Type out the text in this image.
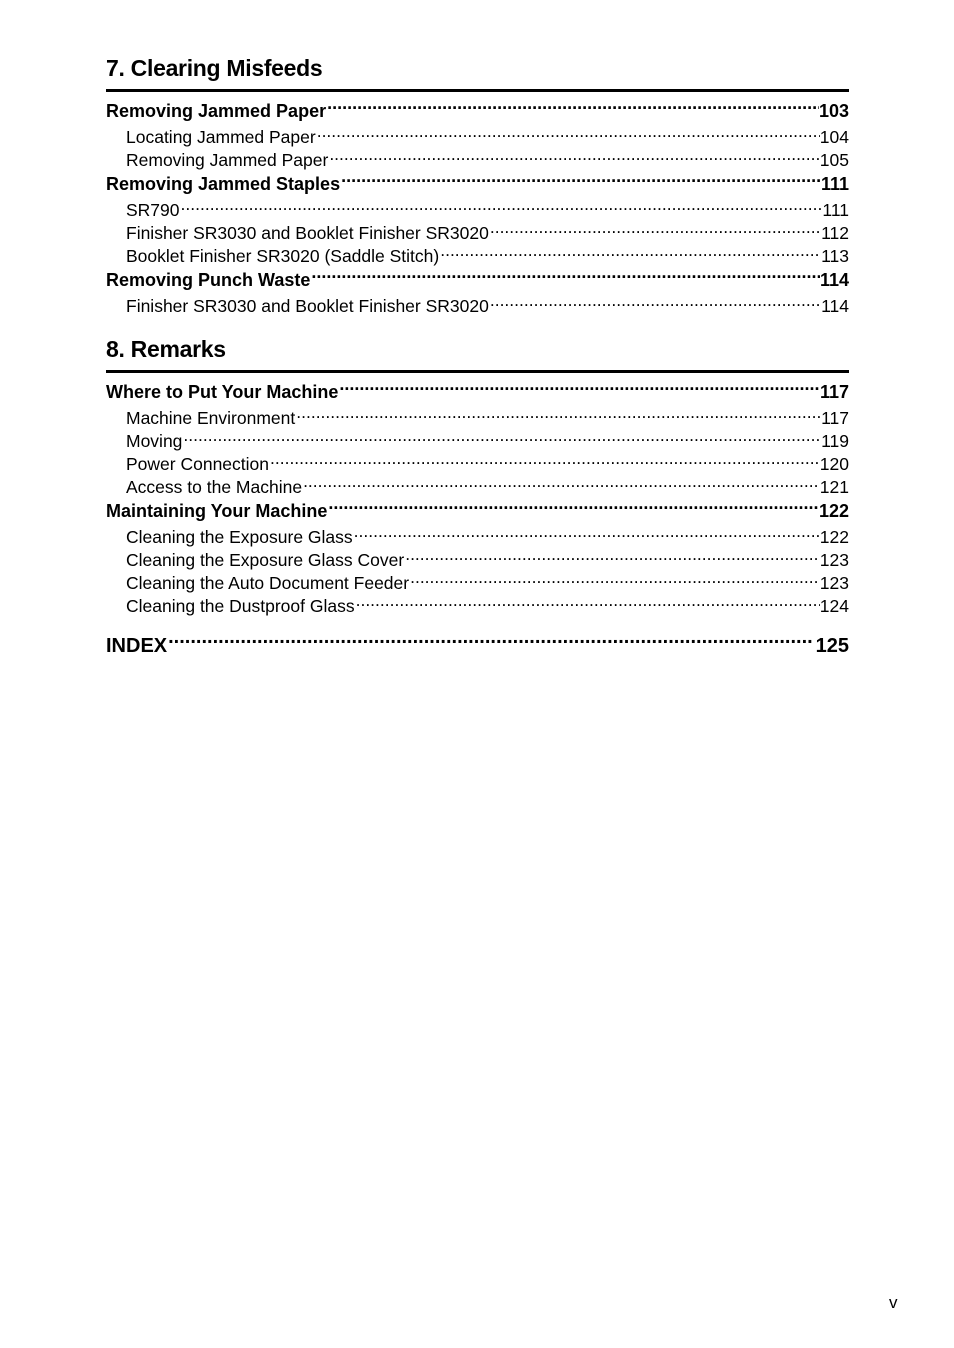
7. Clearing Misfeeds
Removing Jammed Paper .....	103
Locating Jammed Paper .....	104
Removing Jammed Paper .....	105
Removing Jammed Staples .....	111
SR790 .....	111
Finisher SR3030 and Booklet Finisher SR3020 .....	112
Booklet Finisher SR3020 (Saddle Stitch) .....	113
Removing Punch Waste .....	114
Finisher SR3030 and Booklet Finisher SR3020 .....	114
8. Remarks
Where to Put Your Machine .....	117
Machine Environment .....	117
Moving .....	119
Power Connection .....	120
Access to the Machine .....	121
Maintaining Your Machine .....	122
Cleaning the Exposure Glass .....	122
Cleaning the Exposure Glass Cover .....	123
Cleaning the Auto Document Feeder .....	123
Cleaning the Dustproof Glass .....	124
INDEX .....	125
v
